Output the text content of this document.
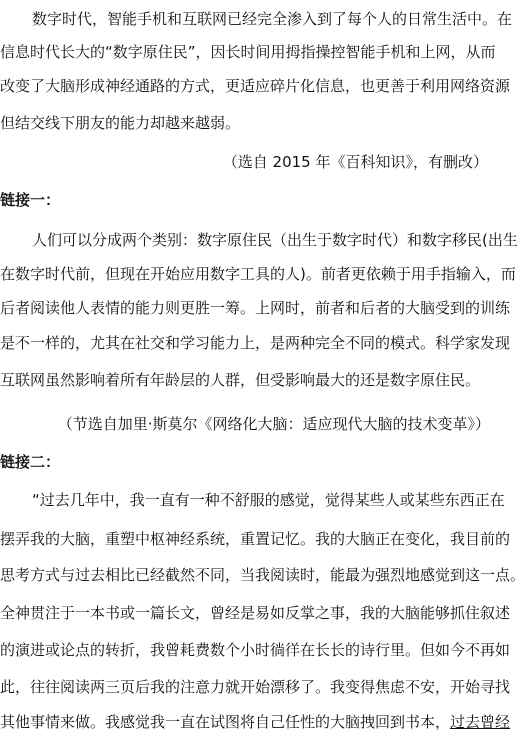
数字时代，智能手机和互联网已经完全渗入到了每个人的日常生活中。在
信息时代长大的“数字原住民”，因长时间用拇指操控智能手机和上网，从而
改变了大脑形成神经通路的方式，更适应碎片化信息，也更善于利用网络资源
但结交线下朋友的能力却越来越弱。
（选自 2015 年《百科知识》，有删改）
链接一：
人们可以分成两个类别：数字原住民（出生于数字时代）和数字移民(出生
在数字时代前，但现在开始应用数字工具的人)。前者更依赖于用手指输入，而
后者阅读他人表情的能力则更胜一筹。上网时，前者和后者的大脑受到的训练
是不一样的，尤其在社交和学习能力上，是两种完全不同的模式。科学家发现
互联网虽然影响着所有年龄层的人群，但受影响最大的还是数字原住民。
（节选自加里·斯莫尔《网络化大脑：适应现代大脑的技术变革》）
链接二：
“过去几年中，我一直有一种不舒服的感觉，觉得某些人或某些东西正在
摆弄我的大脑，重塑中枢神经系统，重置记忆。我的大脑正在变化，我目前的
思考方式与过去相比已经截然不同，当我阅读时，能最为强烈地感觉到这一点。
全神贯注于一本书或一篇长文，曾经是易如反掌之事，我的大脑能够抓住叙述
的演进或论点的转折，我曾耗费数个小时徜徉在长长的诗行里。但如今不再如
此，往往阅读两三页后我的注意力就开始漂移了。我变得焦虑不安，开始寻找
其他事情来做。我感觉我一直在试图将自己任性的大脑拽回到书本，过去曾经
